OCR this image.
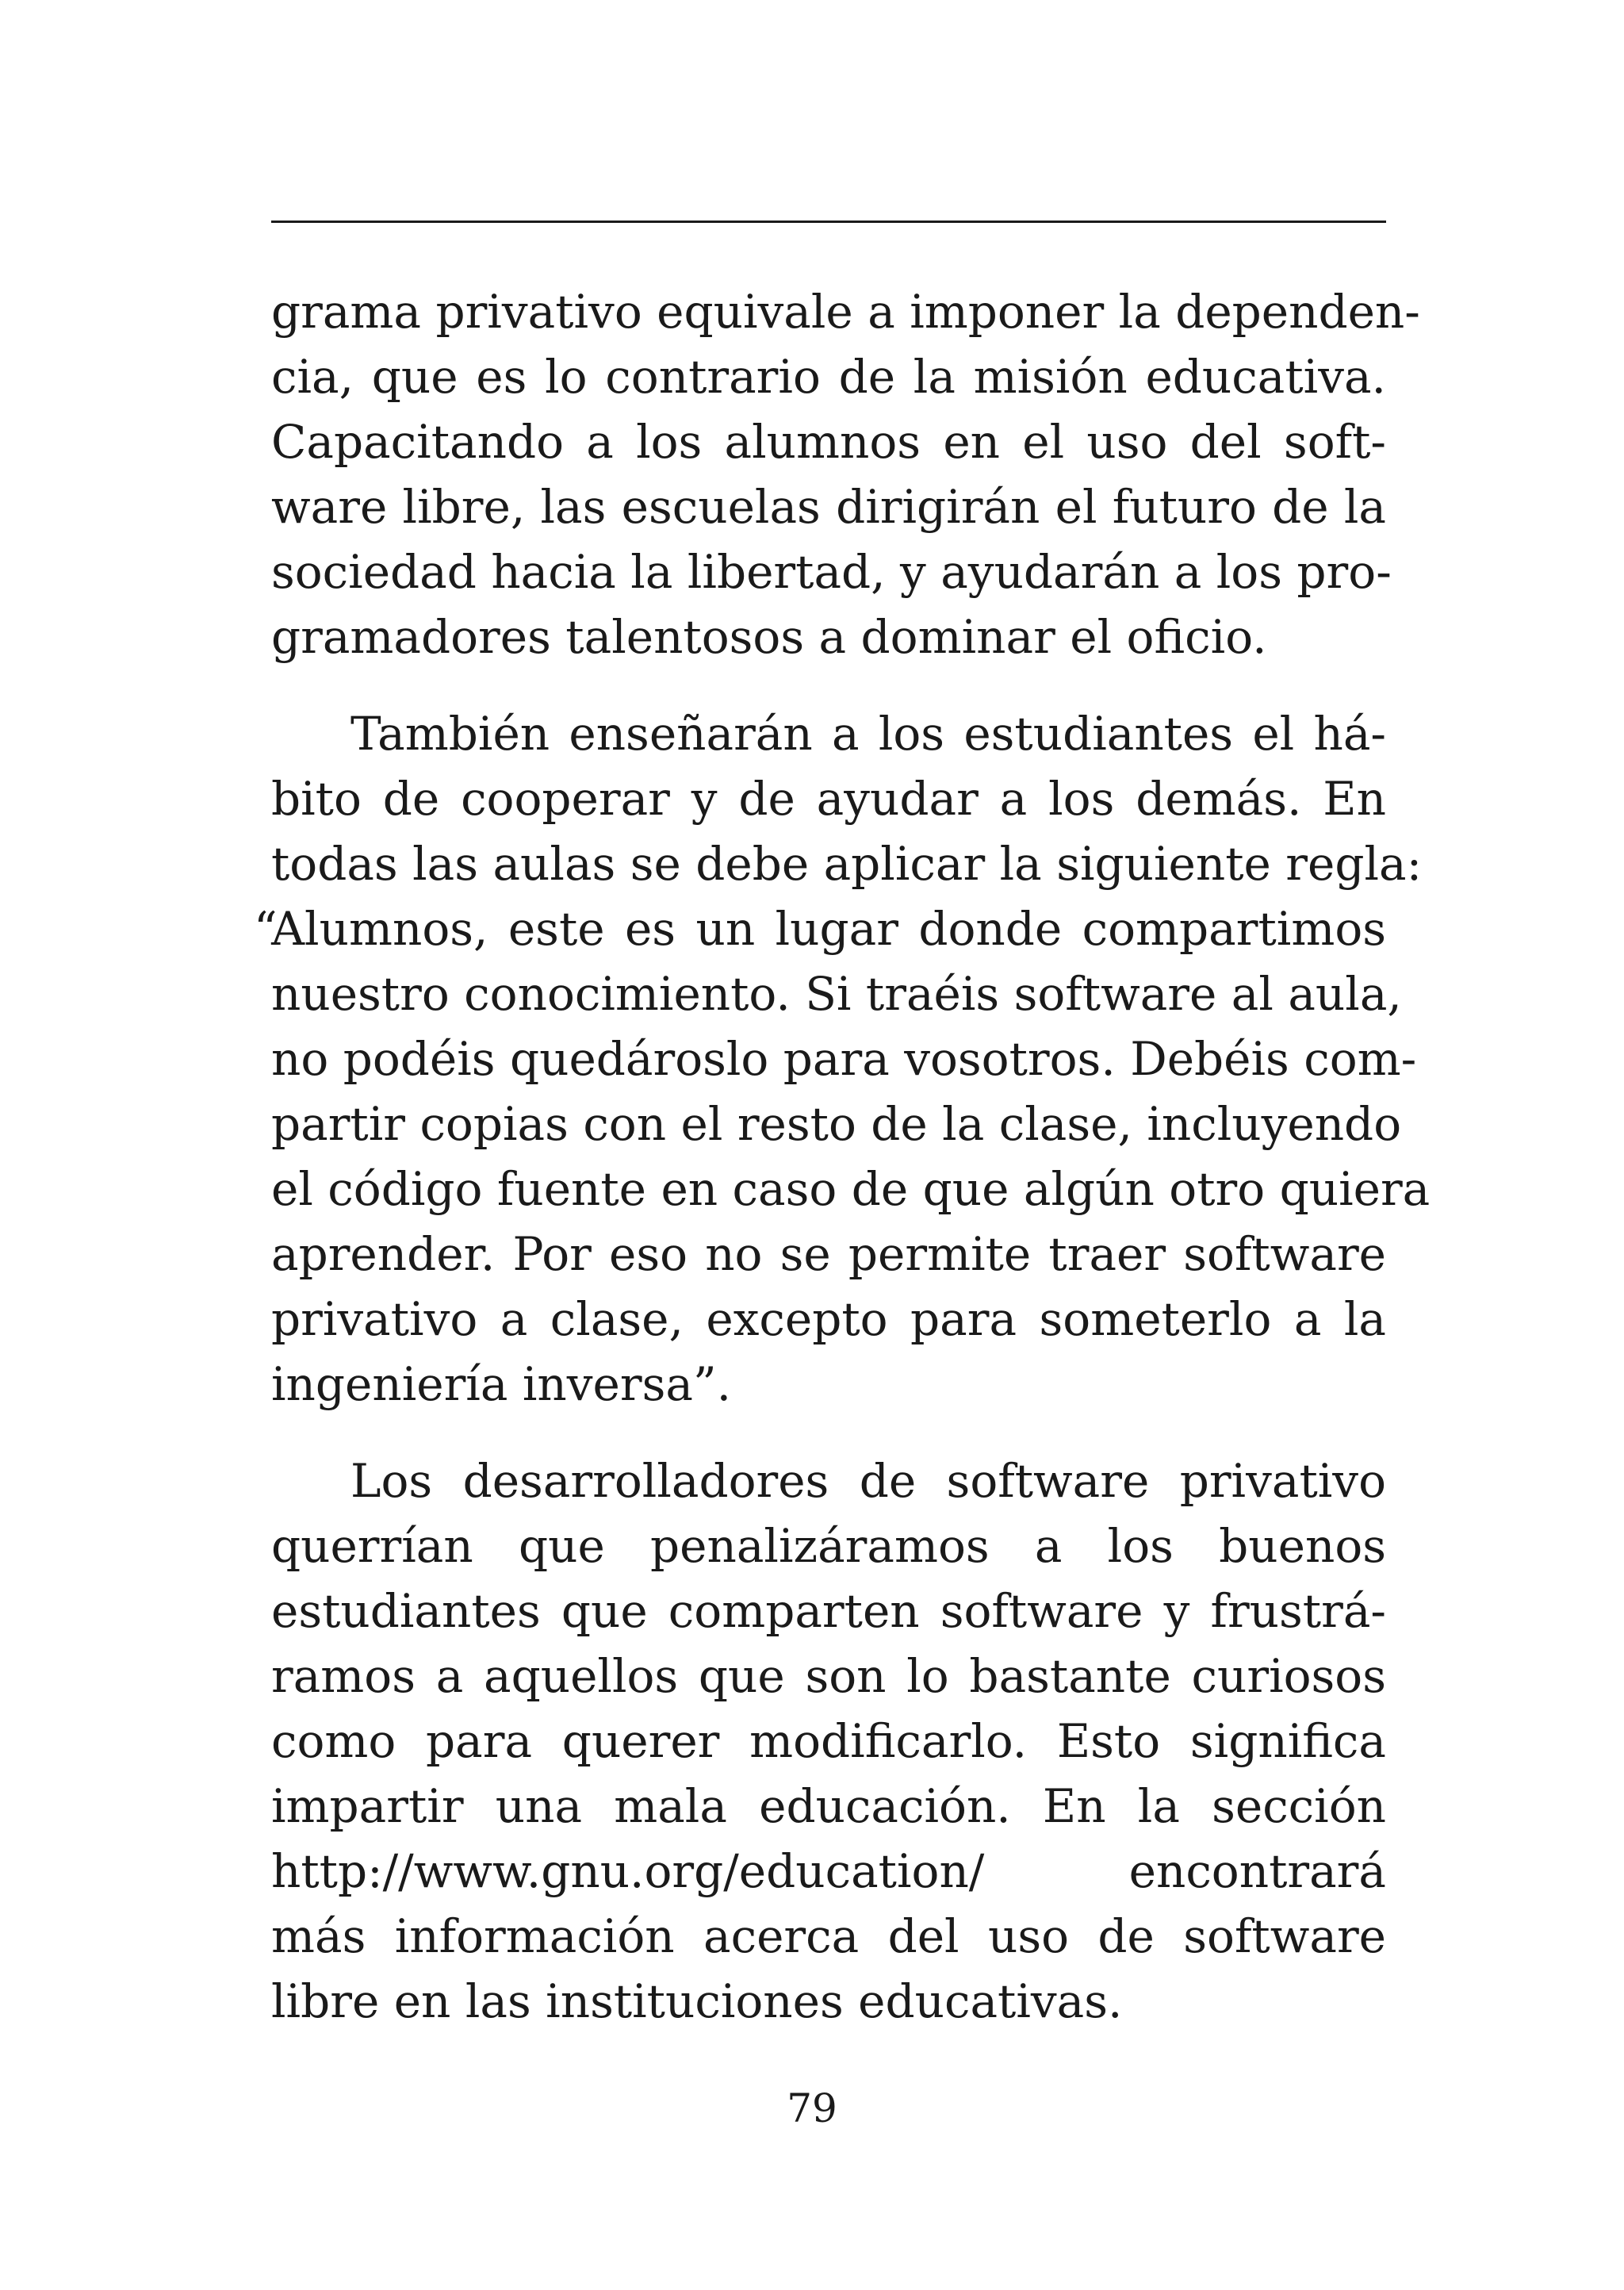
grama privativo equivale a imponer la dependen-
cia, que es lo contrario de la misión educativa.
Capacitando a los alumnos en el uso del soft-
ware libre, las escuelas dirigirán el futuro de la
sociedad hacia la libertad, y ayudarán a los pro-
gramadores talentosos a dominar el oficio.
También enseñarán a los estudiantes el há-
bito de cooperar y de ayudar a los demás. En
todas las aulas se debe aplicar la siguiente regla:
“Alumnos, este es un lugar donde compartimos
nuestro conocimiento. Si traéis software al aula,
no podéis quedároslo para vosotros. Debéis com-
partir copias con el resto de la clase, incluyendo
el código fuente en caso de que algún otro quiera
aprender. Por eso no se permite traer software
privativo a clase, excepto para someterlo a la
ingeniería inversa”.
Los desarrolladores de software privativo
querrían que penalizáramos a los buenos
estudiantes que comparten software y frustrá-
ramos a aquellos que son lo bastante curiosos
como para querer modificarlo. Esto significa
impartir una mala educación. En la sección
http://www.gnu.org/education/ encontrará
más información acerca del uso de software
libre en las instituciones educativas.
79
